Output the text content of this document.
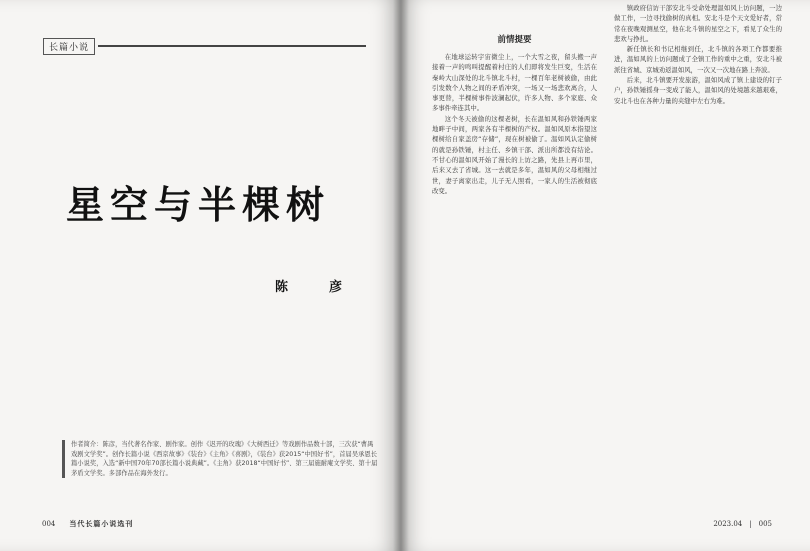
长篇小说
星空与半棵树
陈　彦
作者简介：陈彦，当代著名作家、剧作家。创作《迟开的玫瑰》《大树西迁》等戏剧作品数十部，三次获“曹禺戏剧文学奖”。创作长篇小说《西京故事》《装台》《主角》《喜剧》，《装台》获2015“中国好书”，首届吴承恩长篇小说奖，入选“新中国70年70部长篇小说典藏”。《主角》获2018“中国好书”、第三届施耐庵文学奖、第十届茅盾文学奖。多部作品在海外发行。
004 当代长篇小说选刊
前情提要

在地球运转宇宙微尘上，一个大雪之夜，留头搬一声接着一声的鸣叫提醒着村庄的人们即将发生巨变，生活在秦岭大山深处的北斗镇北斗村，一棵百年老树被偷，由此引发数个人物之间的矛盾冲突，一场又一场悲欢离合，人事更替，半棵树事件波澜起伏，许多人物、多个家庭、众多事件牵连其中。

这个冬天被偷的这棵老树，长在温如风和孙铁锤两家地畔子中间，两家各有半棵树的产权。温如风原本指望这棵树给自家盖房“存储”，现在树被偷了。温如风认定偷树的就是孙铁锤，村主任、乡镇干部、派出所都没有结论。不甘心的温如风开始了漫长的上访之路，先县上再市里，后来又去了省城。这一去就是多年，温如风的父母相继过世，妻子离家出走，儿子无人照看，一家人的生活被彻底改变。

镇政府信访干部安北斗受命处理温如风上访问题，一边做工作，一边寻找偷树的真相。安北斗是个天文爱好者，常常在夜晚观测星空，他在北斗镇的星空之下，看见了众生的悲欢与挣扎。

新任镇长和书记相继到任，北斗镇的各项工作都要推进，温如风的上访问题成了全镇工作的重中之重，安北斗被派往省城、京城劝返温如风，一次又一次地在路上奔波。

后来，北斗镇要开发旅游，温如风成了镇上建设的钉子户，孙铁锤摇身一变成了能人，温如风的处境越来越艰难，安北斗也在各种力量的夹缝中左右为难。

2023.04　|　005
